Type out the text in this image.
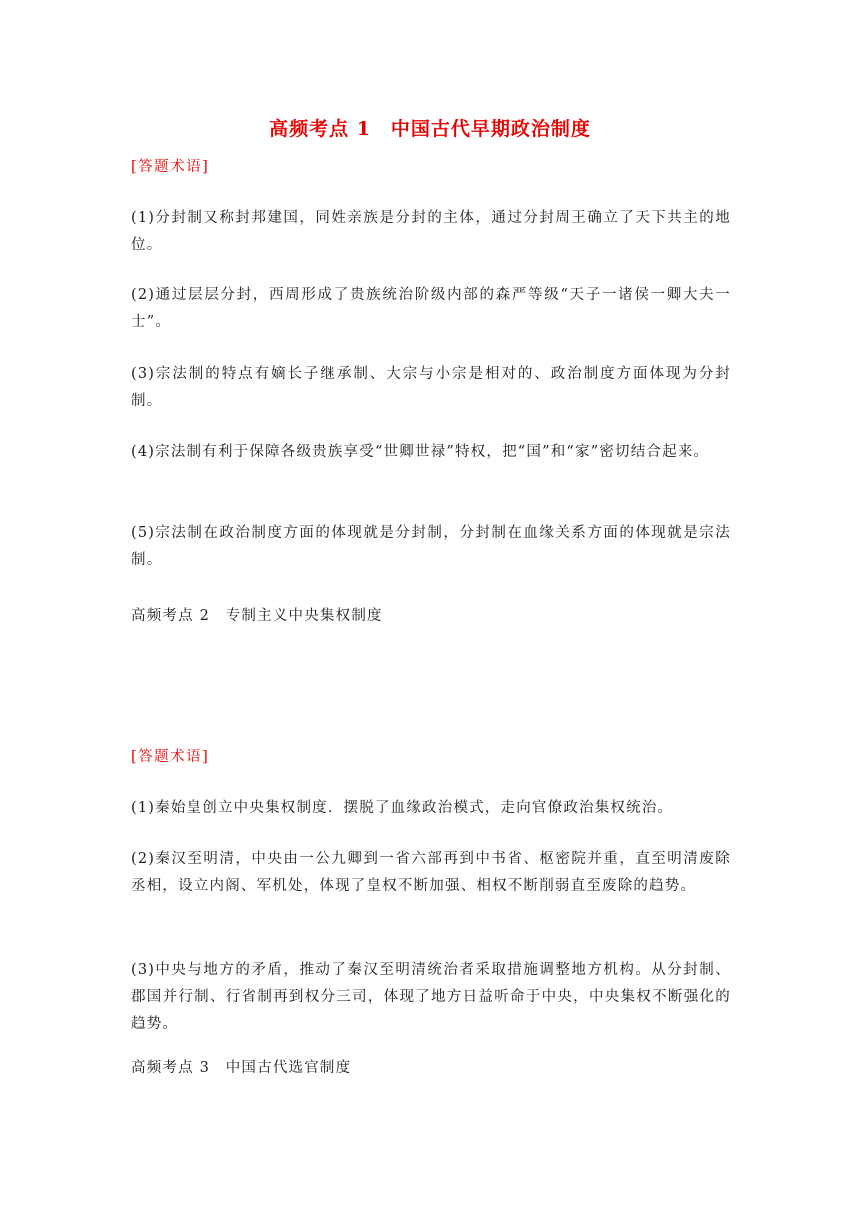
高频考点 1　中国古代早期政治制度

[答题术语]

(1)分封制又称封邦建国，同姓亲族是分封的主体，通过分封周王确立了天下共主的地位。

(2)通过层层分封，西周形成了贵族统治阶级内部的森严等级“天子一诸侯一卿大夫一士”。

(3)宗法制的特点有嫡长子继承制、大宗与小宗是相对的、政治制度方面体现为分封制。

(4)宗法制有利于保障各级贵族享受“世卿世禄”特权，把“国”和“家”密切结合起来。

(5)宗法制在政治制度方面的体现就是分封制，分封制在血缘关系方面的体现就是宗法制。

高频考点 2　专制主义中央集权制度

[答题术语]

(1)秦始皇创立中央集权制度．摆脱了血缘政治模式，走向官僚政治集权统治。

(2)秦汉至明清，中央由一公九卿到一省六部再到中书省、枢密院并重，直至明清废除丞相，设立内阁、军机处，体现了皇权不断加强、相权不断削弱直至废除的趋势。

(3)中央与地方的矛盾，推动了秦汉至明清统治者采取措施调整地方机构。从分封制、郡国并行制、行省制再到权分三司，体现了地方日益听命于中央，中央集权不断强化的趋势。

高频考点 3　中国古代选官制度
